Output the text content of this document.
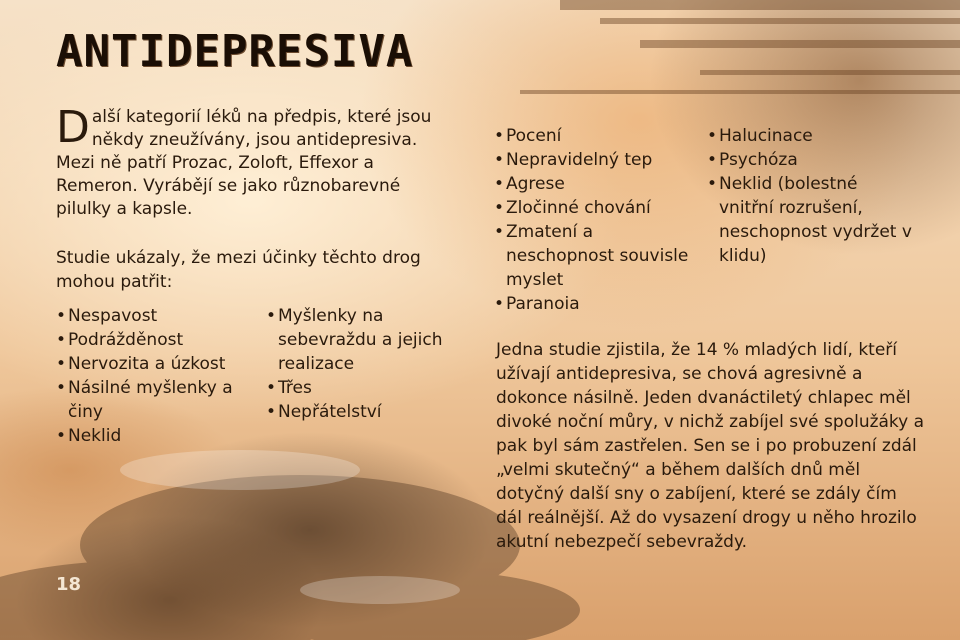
ANTIDEPRESIVA

Další kategorií léků na předpis, které jsou někdy zneužívány, jsou antidepresiva. Mezi ně patří Prozac, Zoloft, Effexor a Remeron. Vyrábějí se jako různobarevné pilulky a kapsle.

Studie ukázaly, že mezi účinky těchto drog mohou patřit:

• Nespavost
• Podrážděnost
• Nervozita a úzkost
• Násilné myšlenky a činy
• Neklid
• Myšlenky na sebevraždu a jejich realizace
• Třes
• Nepřátelství
• Pocení
• Nepravidelný tep
• Agrese
• Zločinné chování
• Zmatení a neschopnost souvisle myslet
• Paranoia
• Halucinace
• Psychóza
• Neklid (bolestné vnitřní rozrušení, neschopnost vydržet v klidu)

Jedna studie zjistila, že 14 % mladých lidí, kteří užívají antidepresiva, se chová agresivně a dokonce násilně. Jeden dvanáctiletý chlapec měl divoké noční můry, v nichž zabíjel své spolužáky a pak byl sám zastřelen. Sen se i po probuzení zdál „velmi skutečný“ a během dalších dnů měl dotyčný další sny o zabíjení, které se zdály čím dál reálnější. Až do vysazení drogy u něho hrozilo akutní nebezpečí sebevraždy.

18
